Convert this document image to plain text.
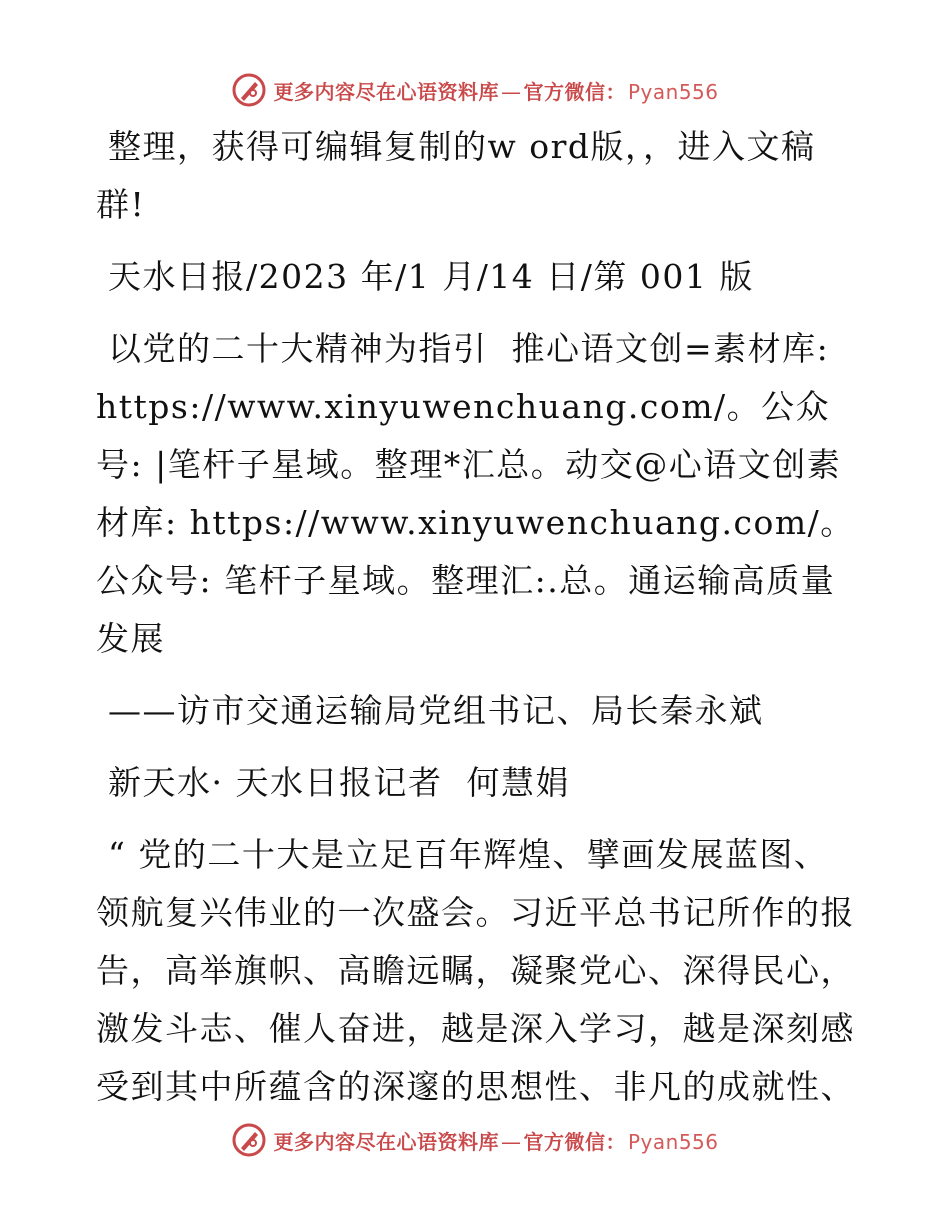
更多内容尽在心语资料库 — 官方微信： Pyan556

整理，获得可编辑复制的w ord版，，进入文稿群!

天水日报/2023 年/1 月/14 日/第 001 版

以党的二十大精神为指引  推心语文创=素材库: https://www.xinyuwenchuang.com/。公众号: |笔杆子星域。整理*汇总。动交@心语文创素材库: https://www.xinyuwenchuang.com/。公众号: 笔杆子星域。整理汇:.总。通运输高质量发展

——访市交通运输局党组书记、局长秦永斌

新天水· 天水日报记者  何慧娟

“ 党的二十大是立足百年辉煌、擘画发展蓝图、领航复兴伟业的一次盛会。习近平总书记所作的报告，高举旗帜、高瞻远瞩，凝聚党心、深得民心，激发斗志、催人奋进，越是深入学习，越是深刻感受到其中所蕴含的深邃的思想性、非凡的成就性、

更多内容尽在心语资料库 — 官方微信： Pyan556
